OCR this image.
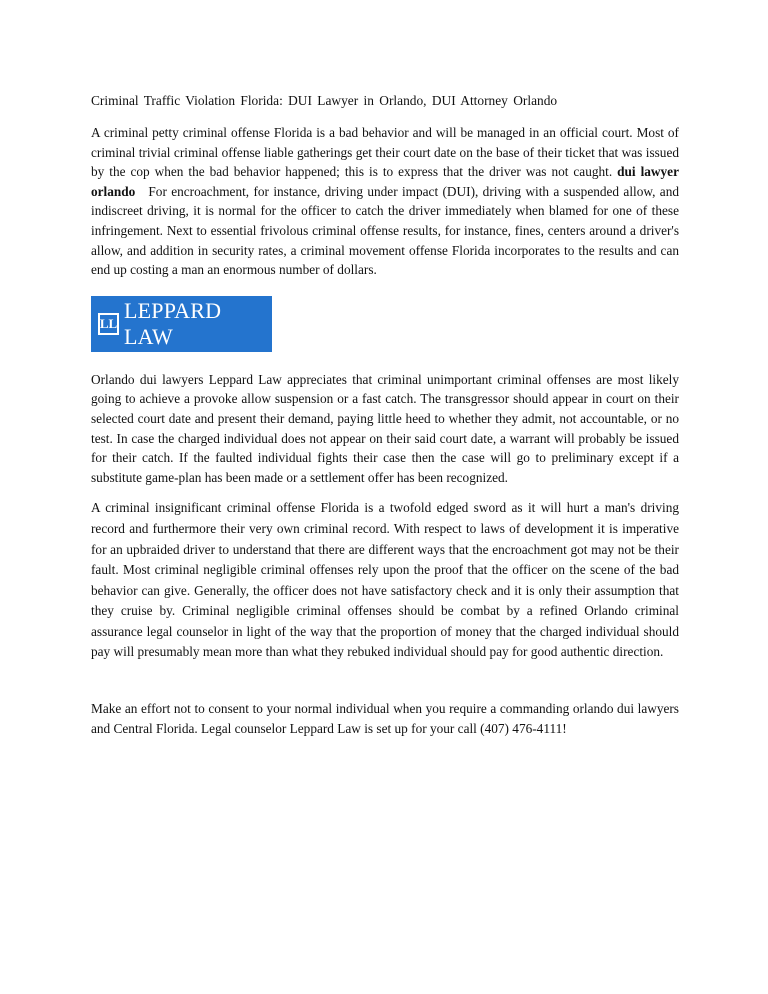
Criminal Traffic Violation Florida: DUI Lawyer in Orlando, DUI Attorney Orlando

A criminal petty criminal offense Florida is a bad behavior and will be managed in an official court. Most of criminal trivial criminal offense liable gatherings get their court date on the base of their ticket that was issued by the cop when the bad behavior happened; this is to express that the driver was not caught. dui lawyer orlando For encroachment, for instance, driving under impact (DUI), driving with a suspended allow, and indiscreet driving, it is normal for the officer to catch the driver immediately when blamed for one of these infringement. Next to essential frivolous criminal offense results, for instance, fines, centers around a driver's allow, and addition in security rates, a criminal movement offense Florida incorporates to the results and can end up costing a man an enormous number of dollars.

LL
LEPPARD LAW

Orlando dui lawyers Leppard Law appreciates that criminal unimportant criminal offenses are most likely going to achieve a provoke allow suspension or a fast catch. The transgressor should appear in court on their selected court date and present their demand, paying little heed to whether they admit, not accountable, or no test. In case the charged individual does not appear on their said court date, a warrant will probably be issued for their catch. If the faulted individual fights their case then the case will go to preliminary except if a substitute game-plan has been made or a settlement offer has been recognized.

A criminal insignificant criminal offense Florida is a twofold edged sword as it will hurt a man's driving record and furthermore their very own criminal record. With respect to laws of development it is imperative for an upbraided driver to understand that there are different ways that the encroachment got may not be their fault. Most criminal negligible criminal offenses rely upon the proof that the officer on the scene of the bad behavior can give. Generally, the officer does not have satisfactory check and it is only their assumption that they cruise by. Criminal negligible criminal offenses should be combat by a refined Orlando criminal assurance legal counselor in light of the way that the proportion of money that the charged individual should pay will presumably mean more than what they rebuked individual should pay for good authentic direction.

Make an effort not to consent to your normal individual when you require a commanding orlando dui lawyers and Central Florida. Legal counselor Leppard Law is set up for your call (407) 476-4111!
